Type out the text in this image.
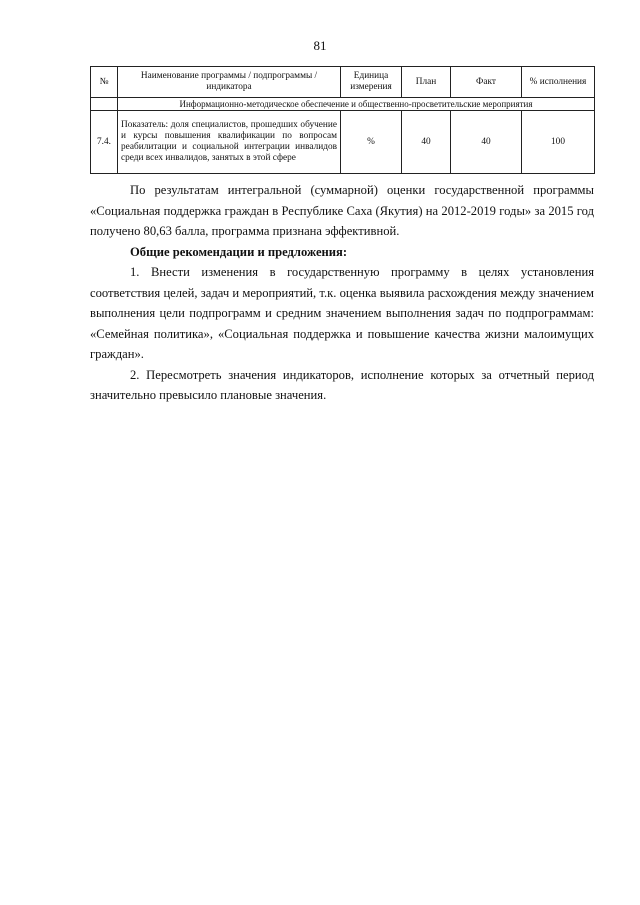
81
№	Наименование программы / подпрограммы / индикатора	Единица измерения	План	Факт	% исполнения
	Информационно-методическое обеспечение и общественно-просветительские мероприятия				
7.4.	Показатель: доля специалистов, прошедших обучение и курсы повышения квалификации по вопросам реабилитации и социальной интеграции инвалидов среди всех инвалидов, занятых в этой сфере	%	40	40	100

По результатам интегральной (суммарной) оценки государственной программы «Социальная поддержка граждан в Республике Саха (Якутия) на 2012-2019 годы» за 2015 год получено 80,63 балла, программа признана эффективной.

Общие рекомендации и предложения:

1. Внести изменения в государственную программу в целях установления соответствия целей, задач и мероприятий, т.к. оценка выявила расхождения между значением выполнения цели подпрограмм и средним значением выполнения задач по подпрограммам: «Семейная политика», «Социальная поддержка и повышение качества жизни малоимущих граждан».

2. Пересмотреть значения индикаторов, исполнение которых за отчетный период значительно превысило плановые значения.
